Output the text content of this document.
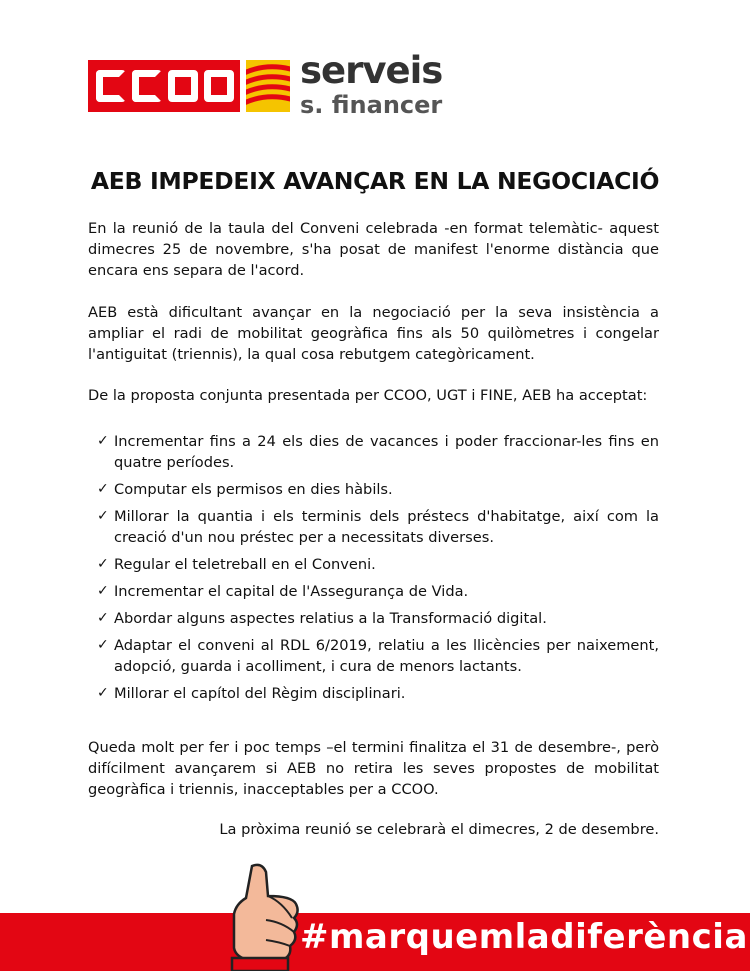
serveis
s. financer
AEB IMPEDEIX AVANÇAR EN LA NEGOCIACIÓ

En la reunió de la taula del Conveni celebrada -en format telemàtic- aquest dimecres 25 de novembre, s'ha posat de manifest l'enorme distància que encara ens separa de l'acord.

AEB està dificultant avançar en la negociació per la seva insistència a ampliar el radi de mobilitat geogràfica fins als 50 quilòmetres i congelar l'antiguitat (triennis), la qual cosa rebutgem categòricament.

De la proposta conjunta presentada per CCOO, UGT i FINE, AEB ha acceptat:

✓ Incrementar fins a 24 els dies de vacances i poder fraccionar-les fins en quatre períodes.
✓ Computar els permisos en dies hàbils.
✓ Millorar la quantia i els terminis dels préstecs d'habitatge, així com la creació d'un nou préstec per a necessitats diverses.
✓ Regular el teletreball en el Conveni.
✓ Incrementar el capital de l'Assegurança de Vida.
✓ Abordar alguns aspectes relatius a la Transformació digital.
✓ Adaptar el conveni al RDL 6/2019, relatiu a les llicències per naixement, adopció, guarda i acolliment, i cura de menors lactants.
✓ Millorar el capítol del Règim disciplinari.

Queda molt per fer i poc temps –el termini finalitza el 31 de desembre-, però difícilment avançarem si AEB no retira les seves propostes de mobilitat geogràfica i triennis, inacceptables per a CCOO.

La pròxima reunió se celebrarà el dimecres, 2 de desembre.

#marquemladiferència
